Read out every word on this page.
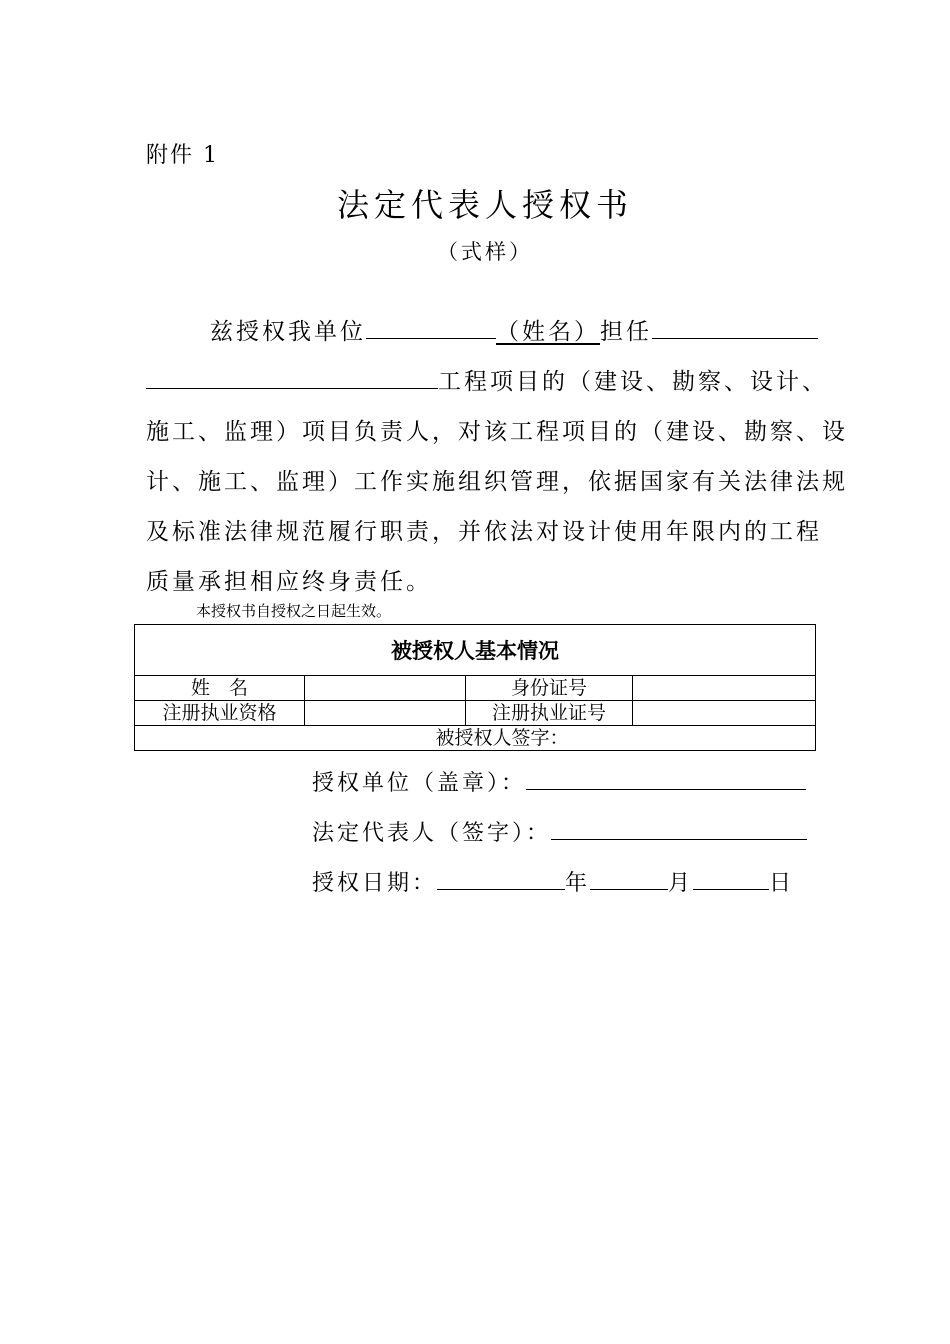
附件 1
法定代表人授权书
（式样）
兹授权我单位	（姓名）担任
工程项目的（建设、勘察、设计、
施工、监理）项目负责人，对该工程项目的（建设、勘察、设
计、施工、监理）工作实施组织管理，依据国家有关法律法规
及标准法律规范履行职责，并依法对设计使用年限内的工程
质量承担相应终身责任。
本授权书自授权之日起生效。
被授权人基本情况			
姓　名		身份证号	
注册执业资格		注册执业证号	
被授权人签字：			
授权单位（盖章）：
法定代表人（签字）：
授权日期：	年	月	日
